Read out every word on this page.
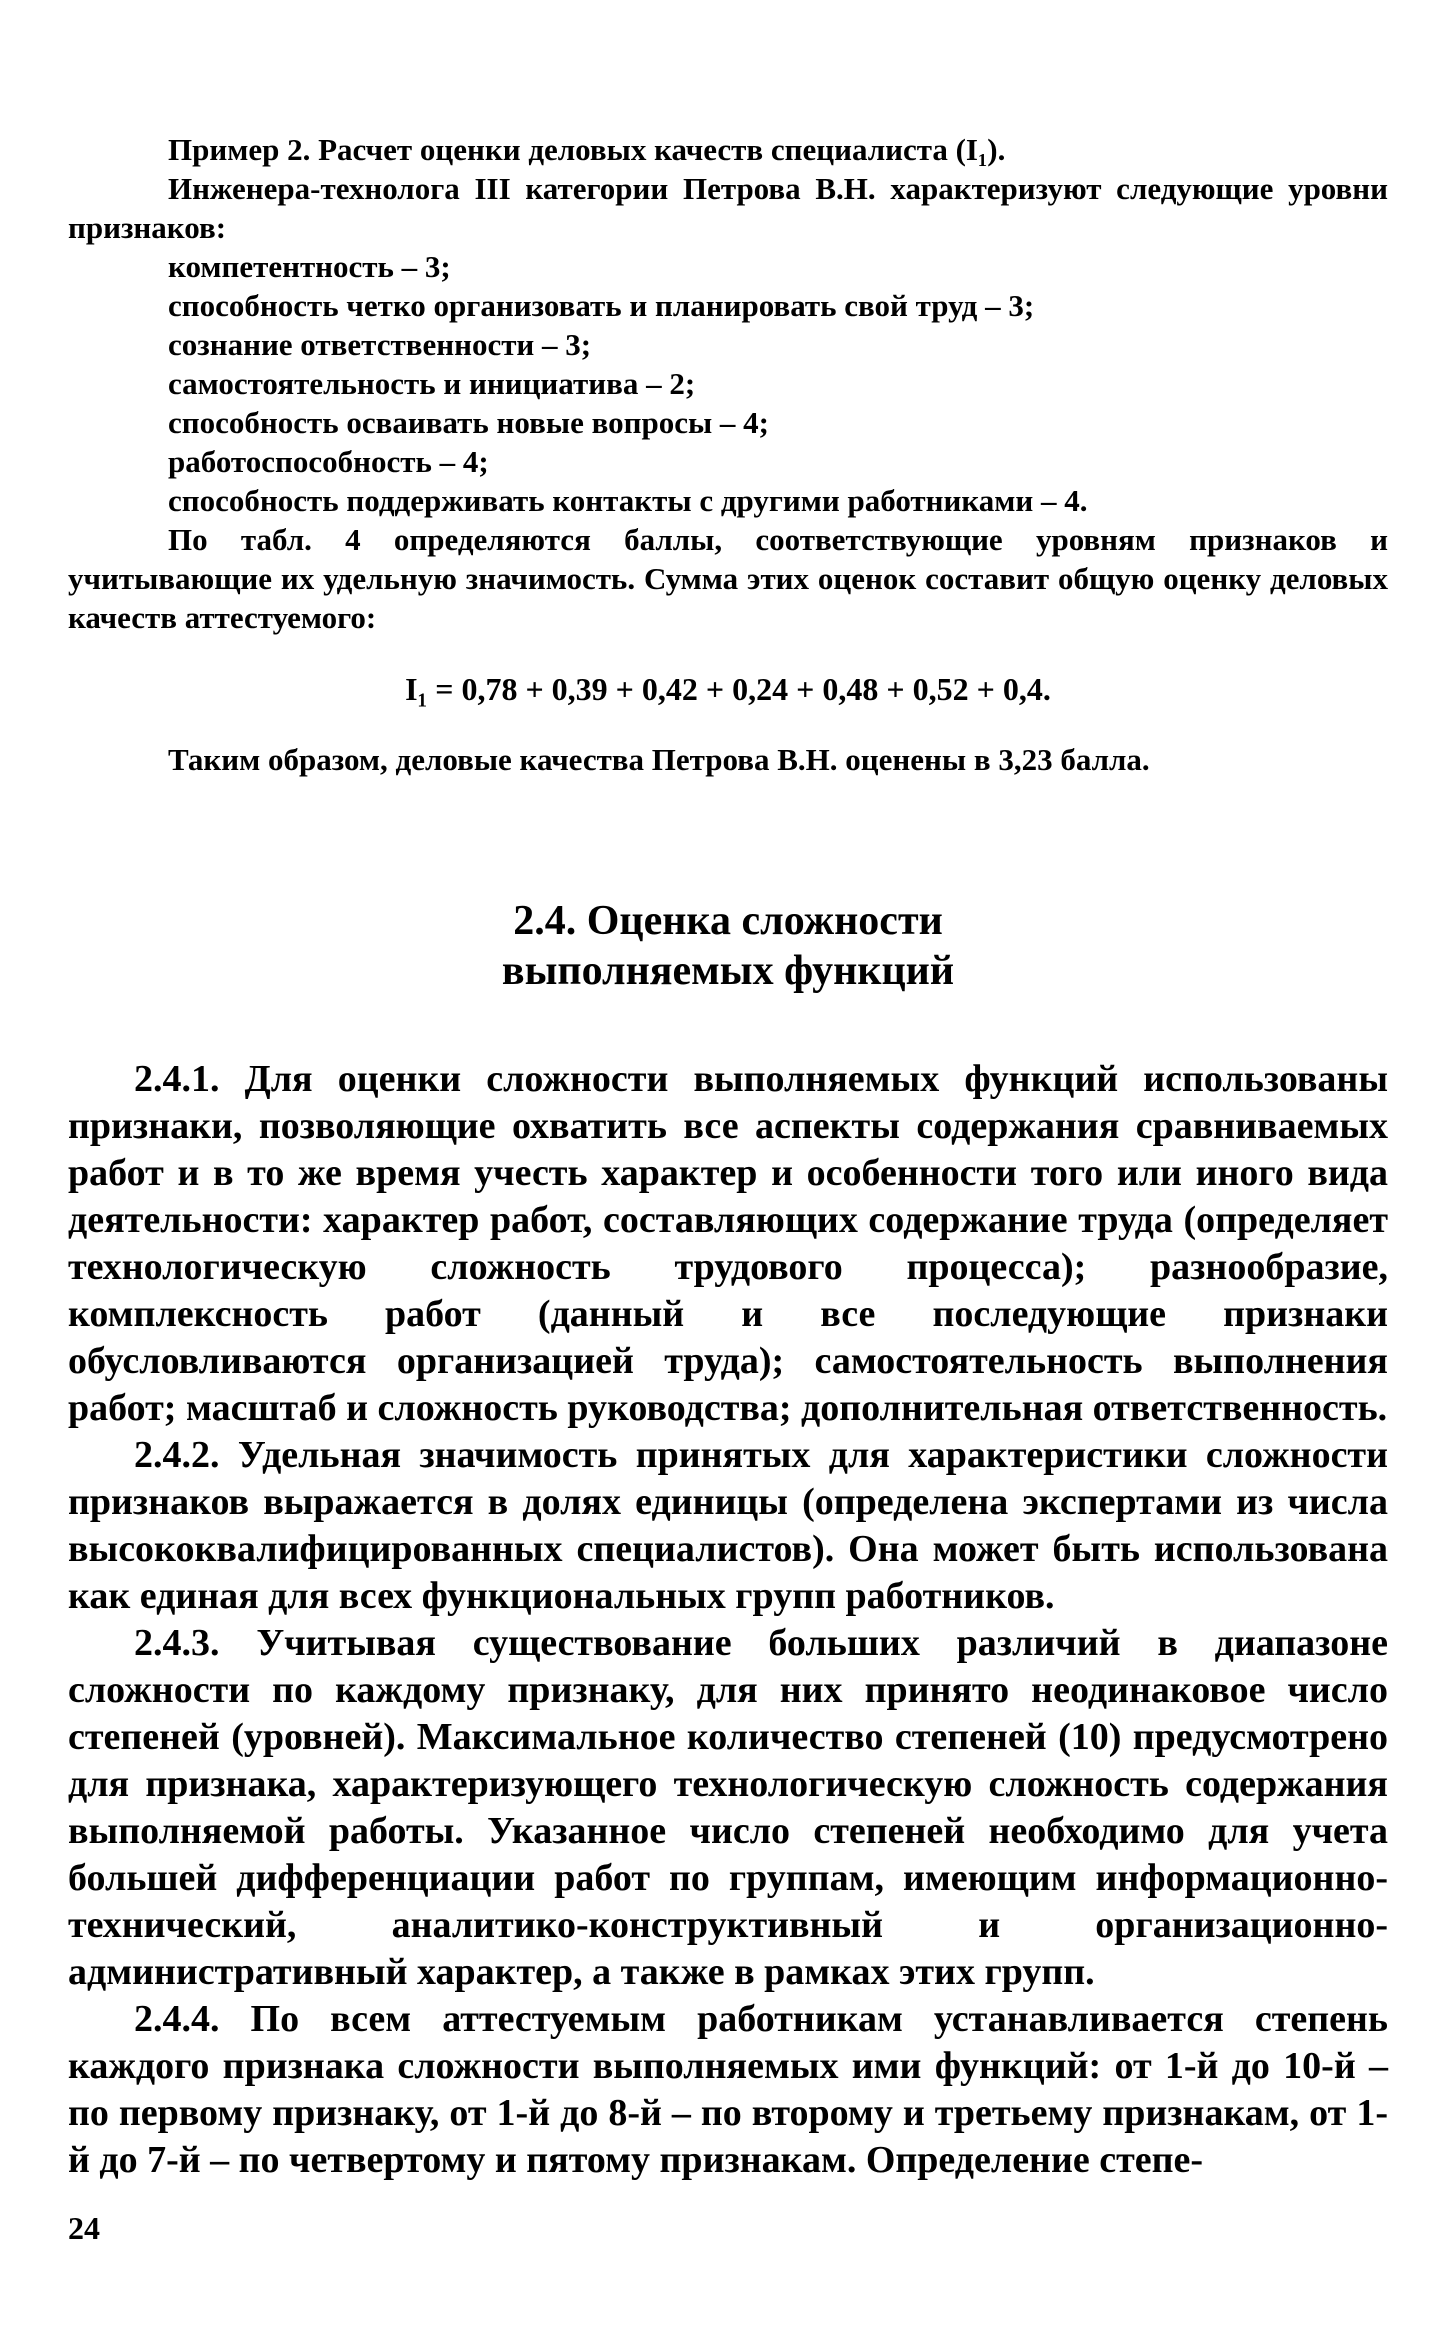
Пример 2. Расчет оценки деловых качеств специалиста (I₁).

Инженера-технолога III категории Петрова В.Н. характеризуют следующие уровни признаков:

компетентность – 3;

способность четко организовать и планировать свой труд – 3;

сознание ответственности – 3;

самостоятельность и инициатива – 2;

способность осваивать новые вопросы – 4;

работоспособность – 4;

способность поддерживать контакты с другими работниками – 4.

По табл. 4 определяются баллы, соответствующие уровням признаков и учитывающие их удельную значимость. Сумма этих оценок составит общую оценку деловых качеств аттестуемого:

I₁ = 0,78 + 0,39 + 0,42 + 0,24 + 0,48 + 0,52 + 0,4.
Таким образом, деловые качества Петрова В.Н. оценены в 3,23 балла.
2.4. Оценка сложности
выполняемых функций

2.4.1. Для оценки сложности выполняемых функций использованы признаки, позволяющие охватить все аспекты содержания сравниваемых работ и в то же время учесть характер и особенности того или иного вида деятельности: характер работ, составляющих содержание труда (определяет технологическую сложность трудового процесса); разнообразие, комплексность работ (данный и все последующие признаки обусловливаются организацией труда); самостоятельность выполнения работ; масштаб и сложность руководства; дополнительная ответственность.

2.4.2. Удельная значимость принятых для характеристики сложности признаков выражается в долях единицы (определена экспертами из числа высококвалифицированных специалистов). Она может быть использована как единая для всех функциональных групп работников.

2.4.3. Учитывая существование больших различий в диапазоне сложности по каждому признаку, для них принято неодинаковое число степеней (уровней). Максимальное количество степеней (10) предусмотрено для признака, характеризующего технологическую сложность содержания выполняемой работы. Указанное число степеней необходимо для учета большей дифференциации работ по группам, имеющим информационно-технический, аналитико-конструктивный и организационно-административный характер, а также в рамках этих групп.

2.4.4. По всем аттестуемым работникам устанавливается степень каждого признака сложности выполняемых ими функций: от 1-й до 10-й – по первому признаку, от 1-й до 8-й – по второму и третьему признакам, от 1-й до 7-й – по четвертому и пятому признакам. Определение степе-

24
